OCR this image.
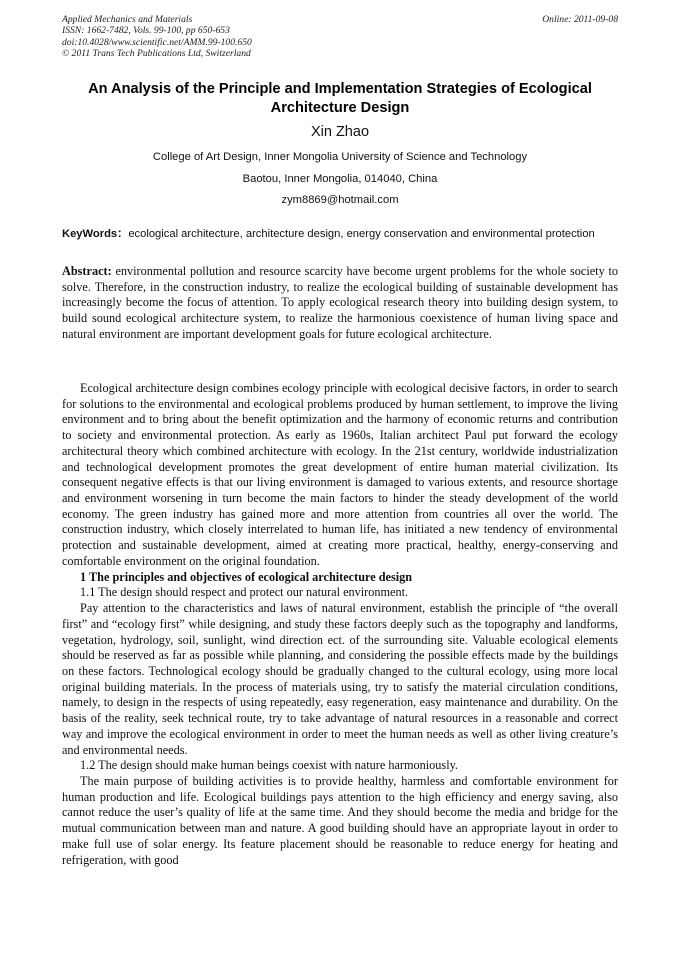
Applied Mechanics and Materials
ISSN: 1662-7482, Vols. 99-100, pp 650-653
doi:10.4028/www.scientific.net/AMM.99-100.650
© 2011 Trans Tech Publications Ltd, Switzerland
Online: 2011-09-08
An Analysis of the Principle and Implementation Strategies of Ecological Architecture Design
Xin Zhao
College of Art Design, Inner Mongolia University of Science and Technology
Baotou, Inner Mongolia, 014040, China
zym8869@hotmail.com
KeyWords：ecological architecture, architecture design, energy conservation and environmental protection
Abstract: environmental pollution and resource scarcity have become urgent problems for the whole society to solve. Therefore, in the construction industry, to realize the ecological building of sustainable development has increasingly become the focus of attention. To apply ecological research theory into building design system, to build sound ecological architecture system, to realize the harmonious coexistence of human living space and natural environment are important development goals for future ecological architecture.

Ecological architecture design combines ecology principle with ecological decisive factors, in order to search for solutions to the environmental and ecological problems produced by human settlement, to improve the living environment and to bring about the benefit optimization and the harmony of economic returns and contribution to society and environmental protection. As early as 1960s, Italian architect Paul put forward the ecology architectural theory which combined architecture with ecology. In the 21st century, worldwide industrialization and technological development promotes the great development of entire human material civilization. Its consequent negative effects is that our living environment is damaged to various extents, and resource shortage and environment worsening in turn become the main factors to hinder the steady development of the world economy. The green industry has gained more and more attention from countries all over the world. The construction industry, which closely interrelated to human life, has initiated a new tendency of environmental protection and sustainable development, aimed at creating more practical, healthy, energy-conserving and comfortable environment on the original foundation.

1 The principles and objectives of ecological architecture design

1.1 The design should respect and protect our natural environment.

Pay attention to the characteristics and laws of natural environment, establish the principle of “the overall first” and “ecology first” while designing, and study these factors deeply such as the topography and landforms, vegetation, hydrology, soil, sunlight, wind direction ect. of the surrounding site. Valuable ecological elements should be reserved as far as possible while planning, and considering the possible effects made by the buildings on these factors. Technological ecology should be gradually changed to the cultural ecology, using more local original building materials. In the process of materials using, try to satisfy the material circulation conditions, namely, to design in the respects of using repeatedly, easy regeneration, easy maintenance and durability. On the basis of the reality, seek technical route, try to take advantage of natural resources in a reasonable and correct way and improve the ecological environment in order to meet the human needs as well as other living creature’s and environmental needs.

1.2 The design should make human beings coexist with nature harmoniously.

The main purpose of building activities is to provide healthy, harmless and comfortable environment for human production and life. Ecological buildings pays attention to the high efficiency and energy saving, also cannot reduce the user’s quality of life at the same time. And they should become the media and bridge for the mutual communication between man and nature. A good building should have an appropriate layout in order to make full use of solar energy. Its feature placement should be reasonable to reduce energy for heating and refrigeration, with good
